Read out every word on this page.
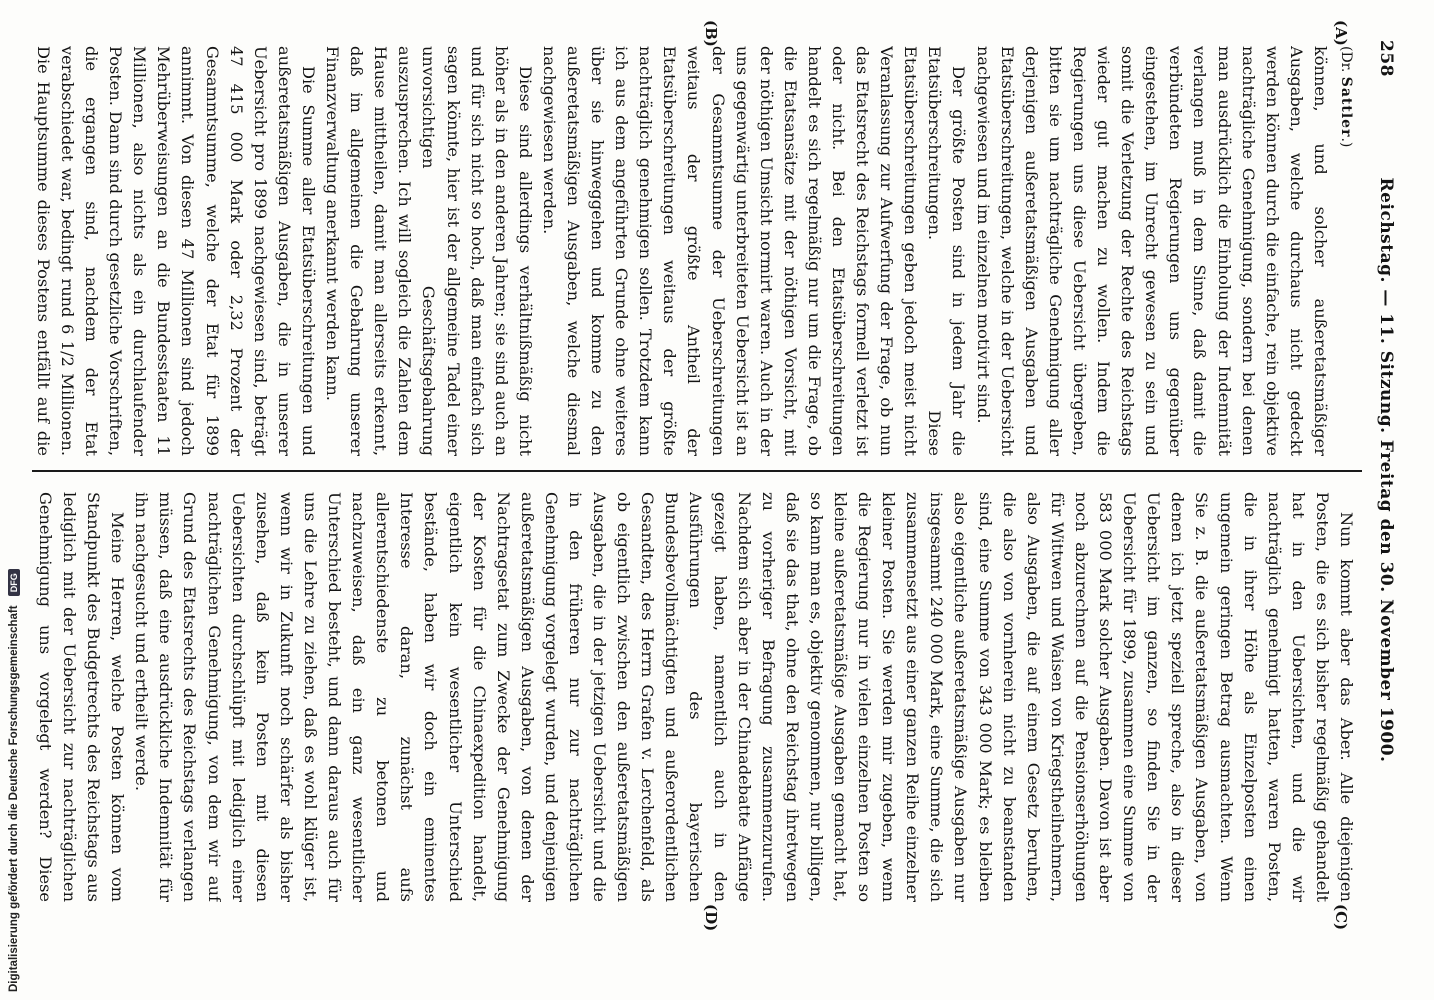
258
Reichstag. — 11. Sitzung. Freitag den 30. November 1900.
(A)
(B)
(C)
(D)
(Dr. Sattler.)

können, und solcher außeretatsmäßiger Ausgaben, welche durchaus nicht gedeckt werden können durch die einfache, rein objektive nachträgliche Genehmigung, sondern bei denen man ausdrücklich die Einholung der Indemnität verlangen muß in dem Sinne, daß damit die verbündeten Regierungen uns gegenüber eingestehen, im Unrecht gewesen zu sein und somit die Verletzung der Rechte des Reichstags wieder gut machen zu wollen. Indem die Regierungen uns diese Uebersicht übergeben, bitten sie um nachträgliche Genehmigung aller derjenigen außeretatsmäßigen Ausgaben und Etatsüberschreitungen, welche in der Uebersicht nachgewiesen und im einzelnen motivirt sind.

Der größte Posten sind in jedem Jahr die Etatsüberschreitungen. Diese Etatsüberschreitungen geben jedoch meist nicht Veranlassung zur Aufwerfung der Frage, ob nun das Etatsrecht des Reichstags formell verletzt ist oder nicht. Bei den Etatsüberschreitungen handelt es sich regelmäßig nur um die Frage, ob die Etatsansätze mit der nöthigen Vorsicht, mit der nöthigen Umsicht normirt waren. Auch in der uns gegenwärtig unterbreiteten Uebersicht ist an der Gesammtsumme der Ueberschreitungen weitaus der größte Antheil der Etatsüberschreitungen weitaus der größte nachträglich genehmigen sollen. Trotzdem kann ich aus dem angeführten Grunde ohne weiteres über sie hinweggehen und komme zu den außeretatsmäßigen Ausgaben, welche diesmal nachgewiesen werden.

Diese sind allerdings verhältnißmäßig nicht höher als in den anderen Jahren; sie sind auch an und für sich nicht so hoch, daß man einfach sich sagen könnte, hier ist der allgemeine Tadel einer unvorsichtigen Geschäftsgebahrung auszusprechen. Ich will sogleich die Zahlen dem Hause mittheilen, damit man allerseits erkennt, daß im allgemeinen die Gebahrung unserer Finanzverwaltung anerkannt werden kann.

Die Summe aller Etatsüberschreitungen und außeretatsmäßigen Ausgaben, die in unserer Uebersicht pro 1899 nachgewiesen sind, beträgt 47 415 000 Mark oder 2,32 Prozent der Gesammtsumme, welche der Etat für 1899 annimmt. Von diesen 47 Millionen sind jedoch Mehrüberweisungen an die Bundesstaaten 11 Millionen, also nichts als ein durchlaufender Posten. Dann sind durch gesetzliche Vorschriften, die ergangen sind, nachdem der Etat verabschiedet war, bedingt rund 6 1/2 Millionen. Die Hauptsumme dieses Postens entfällt auf die

Nun kommt aber das Aber. Alle diejenigen Posten, die es sich bisher regelmäßig gehandelt hat in den Uebersichten, und die wir nachträglich genehmigt hatten, waren Posten, die in ihrer Höhe als Einzelposten einen ungemein geringen Betrag ausmachten. Wenn Sie z. B. die außeretatsmäßigen Ausgaben, von denen ich jetzt speziell spreche, also in dieser Uebersicht im ganzen, so finden Sie in der Uebersicht für 1899, zusammen eine Summe von 583 000 Mark solcher Ausgaben. Davon ist aber noch abzurechnen auf die Pensionserhöhungen für Wittwen und Waisen von Kriegstheilnehmern, also Ausgaben, die auf einem Gesetz beruhen, die also von vornherein nicht zu beanstanden sind, eine Summe von 343 000 Mark; es bleiben also eigentliche außeretatsmäßige Ausgaben nur insgesammt 240 000 Mark, eine Summe, die sich zusammensetzt aus einer ganzen Reihe einzelner kleiner Posten. Sie werden mir zugeben, wenn die Regierung nur in vielen einzelnen Posten so kleine außeretatsmäßige Ausgaben gemacht hat, so kann man es, objektiv genommen, nur billigen, daß sie das that, ohne den Reichstag ihretwegen zu vorheriger Befragung zusammenzurufen. Nachdem sich aber in der Chinadebatte Anfänge gezeigt haben, namentlich auch in den Ausführungen des bayerischen Bundesbevollmächtigten und außerordentlichen Gesandten, des Herrn Grafen v. Lerchenfeld, als ob eigentlich zwischen den außeretatsmäßigen Ausgaben, die in der jetzigen Uebersicht und die in den früheren nur zur nachträglichen Genehmigung vorgelegt wurden, und denjenigen außeretatsmäßigen Ausgaben, von denen der Nachtragsetat zum Zwecke der Genehmigung der Kosten für die Chinaexpedition handelt, eigentlich kein wesentlicher Unterschied bestände, haben wir doch ein eminentes Interesse daran, zunächst aufs allerentschiedenste zu betonen und nachzuweisen, daß ein ganz wesentlicher Unterschied besteht, und dann daraus auch für uns die Lehre zu ziehen, daß es wohl klüger ist, wenn wir in Zukunft noch schärfer als bisher zusehen, daß kein Posten mit diesen Uebersichten durchschlüpft mit lediglich einer nachträglichen Genehmigung, von dem wir auf Grund des Etatsrechts des Reichstags verlangen müssen, daß eine ausdrückliche Indemnität für ihn nachgesucht und ertheilt werde.

Meine Herren, welche Posten können vom Standpunkt des Budgetrechts des Reichstags aus lediglich mit der Uebersicht zur nachträglichen Genehmigung uns vorgelegt werden? Diese

Digitalisierung gefördert durch die Deutsche Forschungsgemeinschaft DFG
